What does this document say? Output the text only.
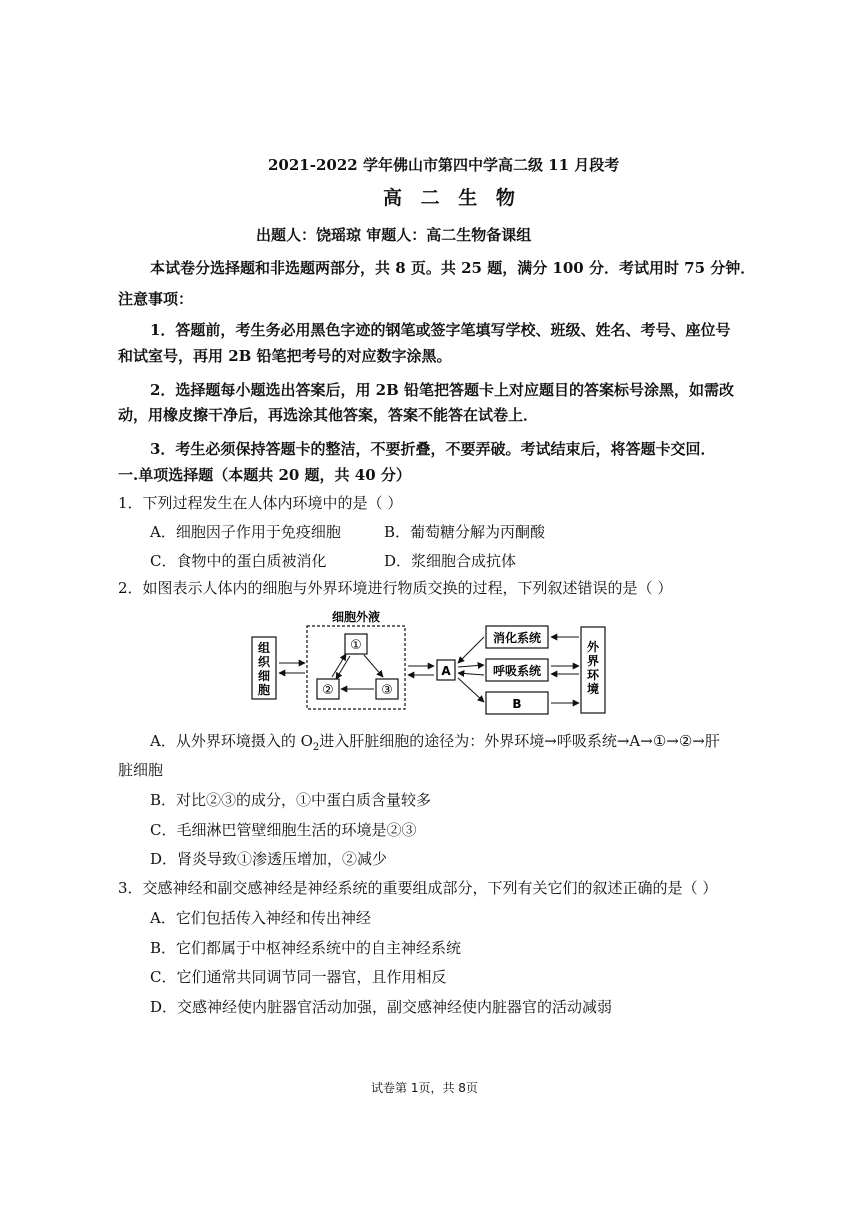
2021-2022 学年佛山市第四中学高二级 11 月段考
高 二 生 物
出题人：饶瑶琼 审题人：高二生物备课组
本试卷分选择题和非选题两部分，共 8 页。共 25 题，满分 100 分．考试用时 75 分钟．
注意事项：
1．答题前，考生务必用黑色字迹的钢笔或签字笔填写学校、班级、姓名、考号、座位号
和试室号，再用 2B 铅笔把考号的对应数字涂黑。
2．选择题每小题选出答案后，用 2B 铅笔把答题卡上对应题目的答案标号涂黑，如需改
动，用橡皮擦干净后，再选涂其他答案，答案不能答在试卷上．
3．考生必须保持答题卡的整洁，不要折叠，不要弄破。考试结束后，将答题卡交回．
一.单项选择题（本题共 20 题，共 40 分）
1．下列过程发生在人体内环境中的是（ ）
A．细胞因子作用于免疫细胞	B．葡萄糖分解为丙酮酸
C．食物中的蛋白质被消化	D．浆细胞合成抗体
2．如图表示人体内的细胞与外界环境进行物质交换的过程，下列叙述错误的是（ ）
组
织
细
胞
细胞外液
①
②	③
A
消化系统
呼吸系统
B
外
界
环
境
A．从外界环境摄入的 $O_2$进入肝脏细胞的途径为：外界环境→呼吸系统→A→①→②→肝
脏细胞
B．对比②③的成分，①中蛋白质含量较多
C．毛细淋巴管壁细胞生活的环境是②③
D．肾炎导致①渗透压增加，②减少
3．交感神经和副交感神经是神经系统的重要组成部分，下列有关它们的叙述正确的是（ ）
A．它们包括传入神经和传出神经
B．它们都属于中枢神经系统中的自主神经系统
C．它们通常共同调节同一器官，且作用相反
D．交感神经使内脏器官活动加强，副交感神经使内脏器官的活动减弱
试卷第 1页，共 8页
